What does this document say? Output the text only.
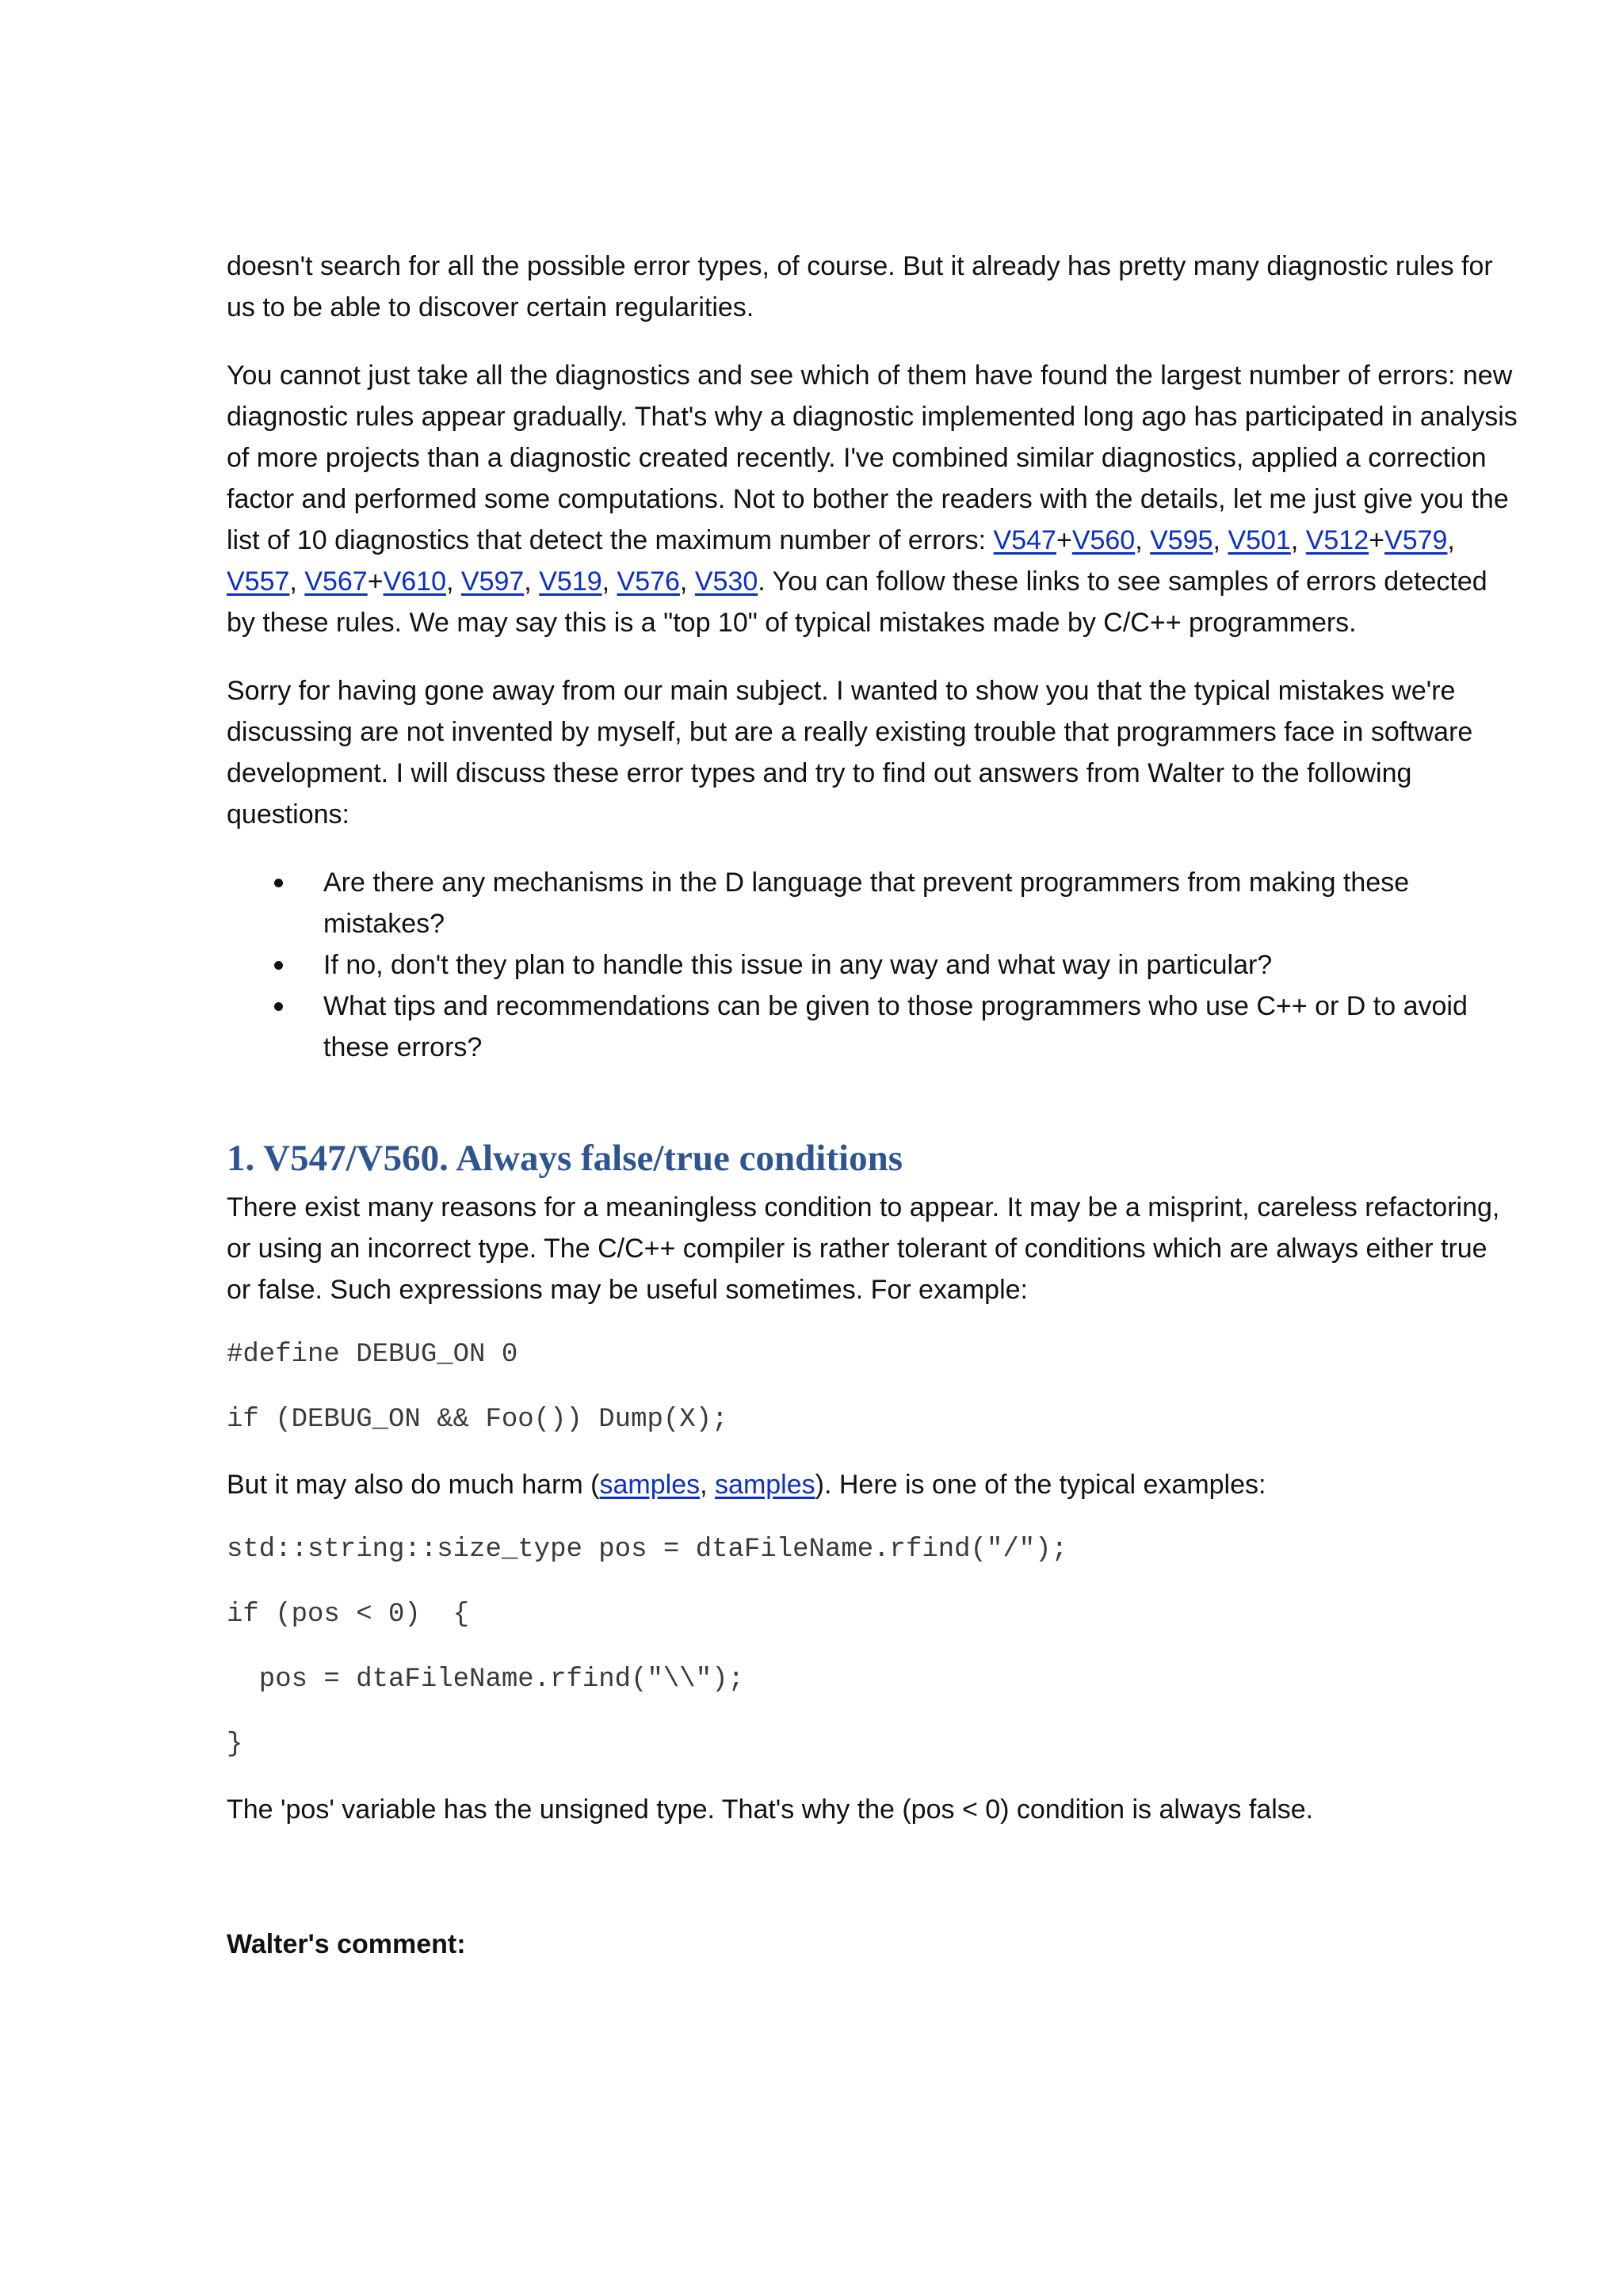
doesn't search for all the possible error types, of course. But it already has pretty many diagnostic rules for us to be able to discover certain regularities.

You cannot just take all the diagnostics and see which of them have found the largest number of errors: new diagnostic rules appear gradually. That's why a diagnostic implemented long ago has participated in analysis of more projects than a diagnostic created recently. I've combined similar diagnostics, applied a correction factor and performed some computations. Not to bother the readers with the details, let me just give you the list of 10 diagnostics that detect the maximum number of errors: V547+V560, V595, V501, V512+V579, V557, V567+V610, V597, V519, V576, V530. You can follow these links to see samples of errors detected by these rules. We may say this is a "top 10" of typical mistakes made by C/C++ programmers.

Sorry for having gone away from our main subject. I wanted to show you that the typical mistakes we're discussing are not invented by myself, but are a really existing trouble that programmers face in software development. I will discuss these error types and try to find out answers from Walter to the following questions:

Are there any mechanisms in the D language that prevent programmers from making these mistakes?
If no, don't they plan to handle this issue in any way and what way in particular?
What tips and recommendations can be given to those programmers who use C++ or D to avoid these errors?
1. V547/V560. Always false/true conditions

There exist many reasons for a meaningless condition to appear. It may be a misprint, careless refactoring, or using an incorrect type. The C/C++ compiler is rather tolerant of conditions which are always either true or false. Such expressions may be useful sometimes. For example:

#define DEBUG_ON 0
if (DEBUG_ON && Foo()) Dump(X);

But it may also do much harm (samples, samples). Here is one of the typical examples:

std::string::size_type pos = dtaFileName.rfind("/");
if (pos < 0)  {
pos = dtaFileName.rfind("\\");
}

The 'pos' variable has the unsigned type. That's why the (pos < 0) condition is always false.

Walter's comment:
